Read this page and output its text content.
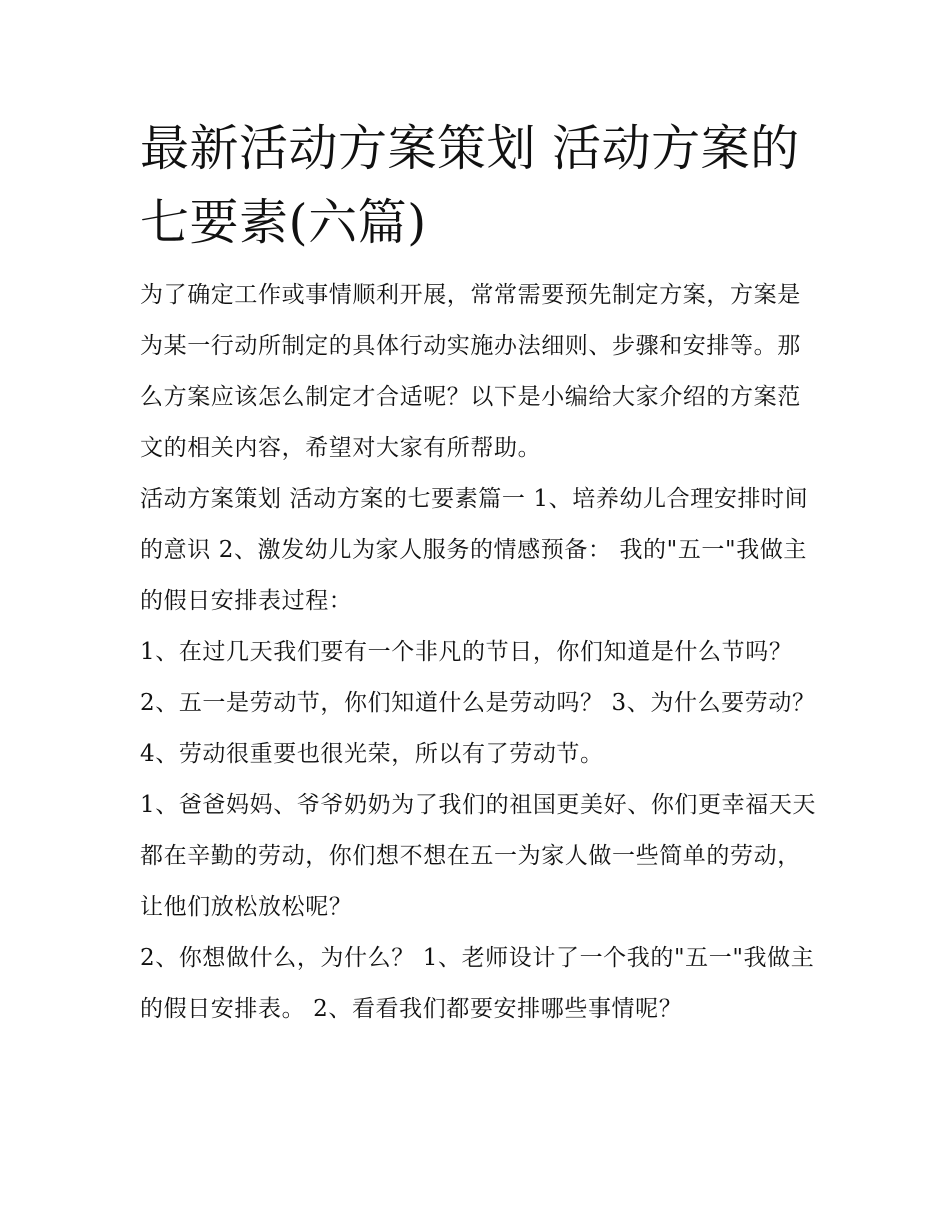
最新活动方案策划 活动方案的七要素(六篇)

为了确定工作或事情顺利开展，常常需要预先制定方案，方案是为某一行动所制定的具体行动实施办法细则、步骤和安排等。那么方案应该怎么制定才合适呢？以下是小编给大家介绍的方案范文的相关内容，希望对大家有所帮助。

活动方案策划 活动方案的七要素篇一 1、培养幼儿合理安排时间的意识 2、激发幼儿为家人服务的情感预备： 我的"五一"我做主的假日安排表过程：

1、在过几天我们要有一个非凡的节日，你们知道是什么节吗？ 2、五一是劳动节，你们知道什么是劳动吗？ 3、为什么要劳动？

4、劳动很重要也很光荣，所以有了劳动节。

1、爸爸妈妈、爷爷奶奶为了我们的祖国更美好、你们更幸福天天都在辛勤的劳动，你们想不想在五一为家人做一些简单的劳动，让他们放松放松呢？

2、你想做什么，为什么？ 1、老师设计了一个我的"五一"我做主的假日安排表。 2、看看我们都要安排哪些事情呢？
